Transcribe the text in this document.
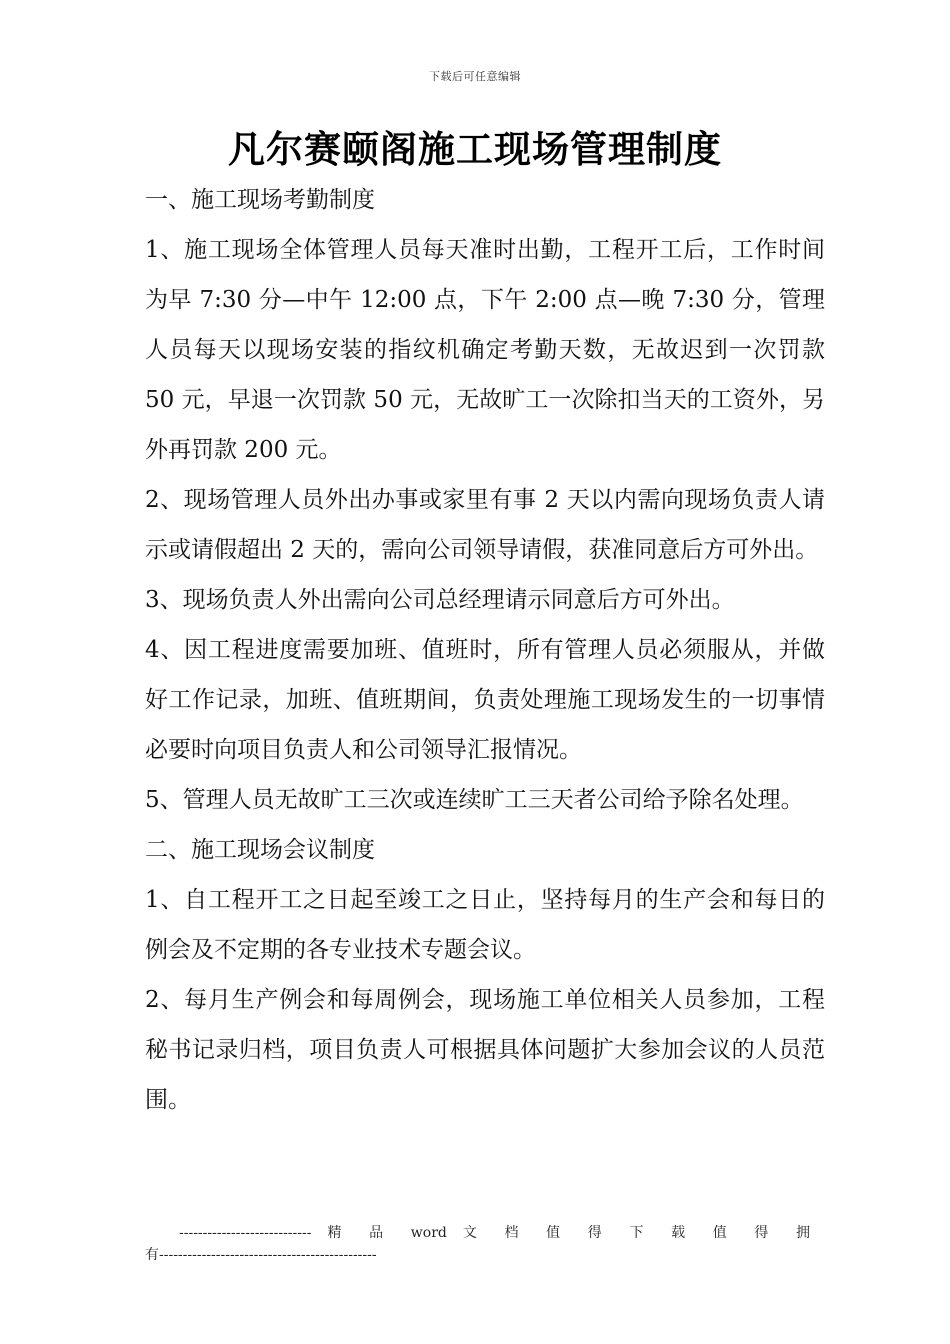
下载后可任意编辑
凡尔赛颐阁施工现场管理制度

一、施工现场考勤制度

1、施工现场全体管理人员每天准时出勤，工程开工后，工作时间为早 7:30 分—中午 12:00 点，下午 2:00 点—晚 7:30 分，管理人员每天以现场安装的指纹机确定考勤天数，无故迟到一次罚款 50 元，早退一次罚款 50 元，无故旷工一次除扣当天的工资外，另外再罚款 200 元。

2、现场管理人员外出办事或家里有事 2 天以内需向现场负责人请示或请假超出 2 天的，需向公司领导请假，获准同意后方可外出。

3、现场负责人外出需向公司总经理请示同意后方可外出。

4、因工程进度需要加班、值班时，所有管理人员必须服从，并做好工作记录，加班、值班期间，负责处理施工现场发生的一切事情必要时向项目负责人和公司领导汇报情况。

5、管理人员无故旷工三次或连续旷工三天者公司给予除名处理。

二、施工现场会议制度

1、自工程开工之日起至竣工之日止，坚持每月的生产会和每日的例会及不定期的各专业技术专题会议。

2、每月生产例会和每周例会，现场施工单位相关人员参加，工程秘书记录归档，项目负责人可根据具体问题扩大参加会议的人员范围。

---------------------------- 精 品 word 文 档 值 得 下 载 值 得 拥
有----------------------------------------------
